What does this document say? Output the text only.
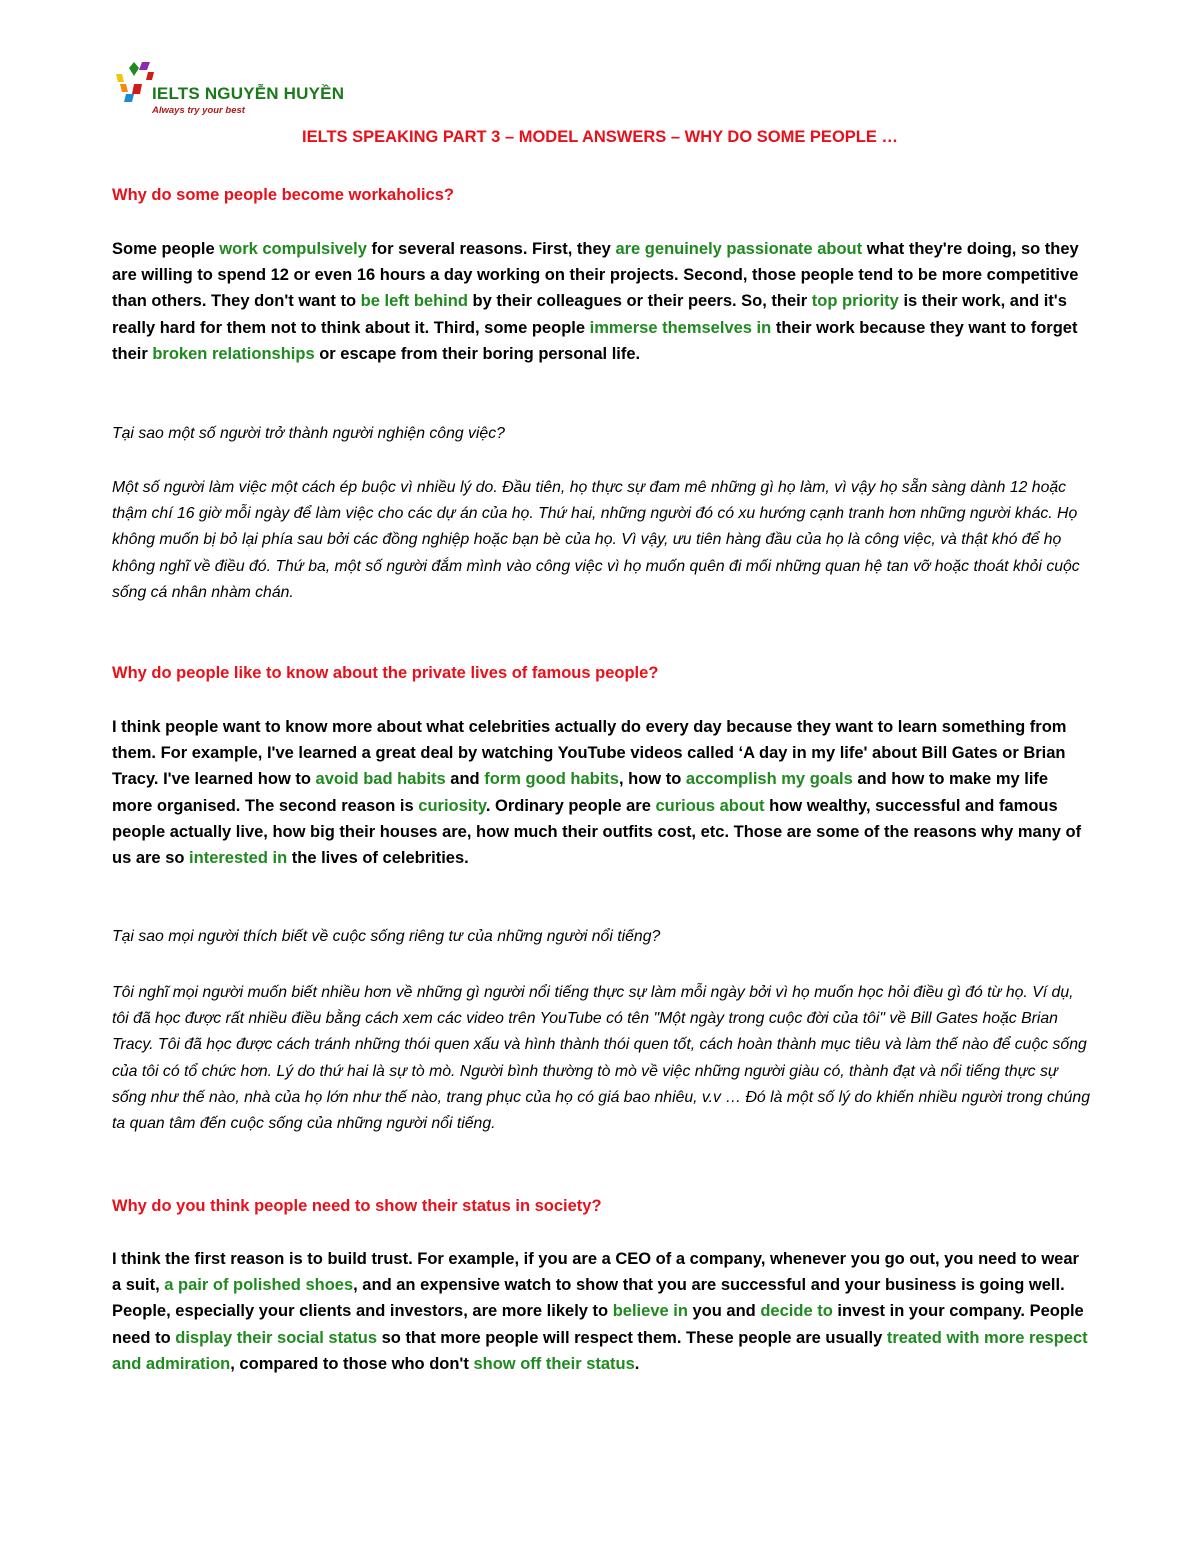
IELTS NGUYỄN HUYỀN
Always try your best
IELTS SPEAKING PART 3 – MODEL ANSWERS – WHY DO SOME PEOPLE …

Why do some people become workaholics?

Some people work compulsively for several reasons. First, they are genuinely passionate about what they're doing, so they are willing to spend 12 or even 16 hours a day working on their projects. Second, those people tend to be more competitive than others. They don't want to be left behind by their colleagues or their peers. So, their top priority is their work, and it's really hard for them not to think about it. Third, some people immerse themselves in their work because they want to forget their broken relationships or escape from their boring personal life.

Tại sao một số người trở thành người nghiện công việc?

Một số người làm việc một cách ép buộc vì nhiều lý do. Đầu tiên, họ thực sự đam mê những gì họ làm, vì vậy họ sẵn sàng dành 12 hoặc thậm chí 16 giờ mỗi ngày để làm việc cho các dự án của họ. Thứ hai, những người đó có xu hướng cạnh tranh hơn những người khác. Họ không muốn bị bỏ lại phía sau bởi các đồng nghiệp hoặc bạn bè của họ. Vì vậy, ưu tiên hàng đầu của họ là công việc, và thật khó để họ không nghĩ về điều đó. Thứ ba, một số người đắm mình vào công việc vì họ muốn quên đi mối những quan hệ tan vỡ hoặc thoát khỏi cuộc sống cá nhân nhàm chán.

Why do people like to know about the private lives of famous people?

I think people want to know more about what celebrities actually do every day because they want to learn something from them. For example, I've learned a great deal by watching YouTube videos called ‘A day in my life' about Bill Gates or Brian Tracy. I've learned how to avoid bad habits and form good habits, how to accomplish my goals and how to make my life more organised. The second reason is curiosity. Ordinary people are curious about how wealthy, successful and famous people actually live, how big their houses are, how much their outfits cost, etc. Those are some of the reasons why many of us are so interested in the lives of celebrities.

Tại sao mọi người thích biết về cuộc sống riêng tư của những người nổi tiếng?

Tôi nghĩ mọi người muốn biết nhiều hơn về những gì người nổi tiếng thực sự làm mỗi ngày bởi vì họ muốn học hỏi điều gì đó từ họ. Ví dụ, tôi đã học được rất nhiều điều bằng cách xem các video trên YouTube có tên "Một ngày trong cuộc đời của tôi" về Bill Gates hoặc Brian Tracy. Tôi đã học được cách tránh những thói quen xấu và hình thành thói quen tốt, cách hoàn thành mục tiêu và làm thế nào để cuộc sống của tôi có tổ chức hơn. Lý do thứ hai là sự tò mò. Người bình thường tò mò về việc những người giàu có, thành đạt và nổi tiếng thực sự sống như thế nào, nhà của họ lớn như thế nào, trang phục của họ có giá bao nhiêu, v.v … Đó là một số lý do khiến nhiều người trong chúng ta quan tâm đến cuộc sống của những người nổi tiếng.

Why do you think people need to show their status in society?

I think the first reason is to build trust. For example, if you are a CEO of a company, whenever you go out, you need to wear a suit, a pair of polished shoes, and an expensive watch to show that you are successful and your business is going well. People, especially your clients and investors, are more likely to believe in you and decide to invest in your company. People need to display their social status so that more people will respect them. These people are usually treated with more respect and admiration, compared to those who don't show off their status.
